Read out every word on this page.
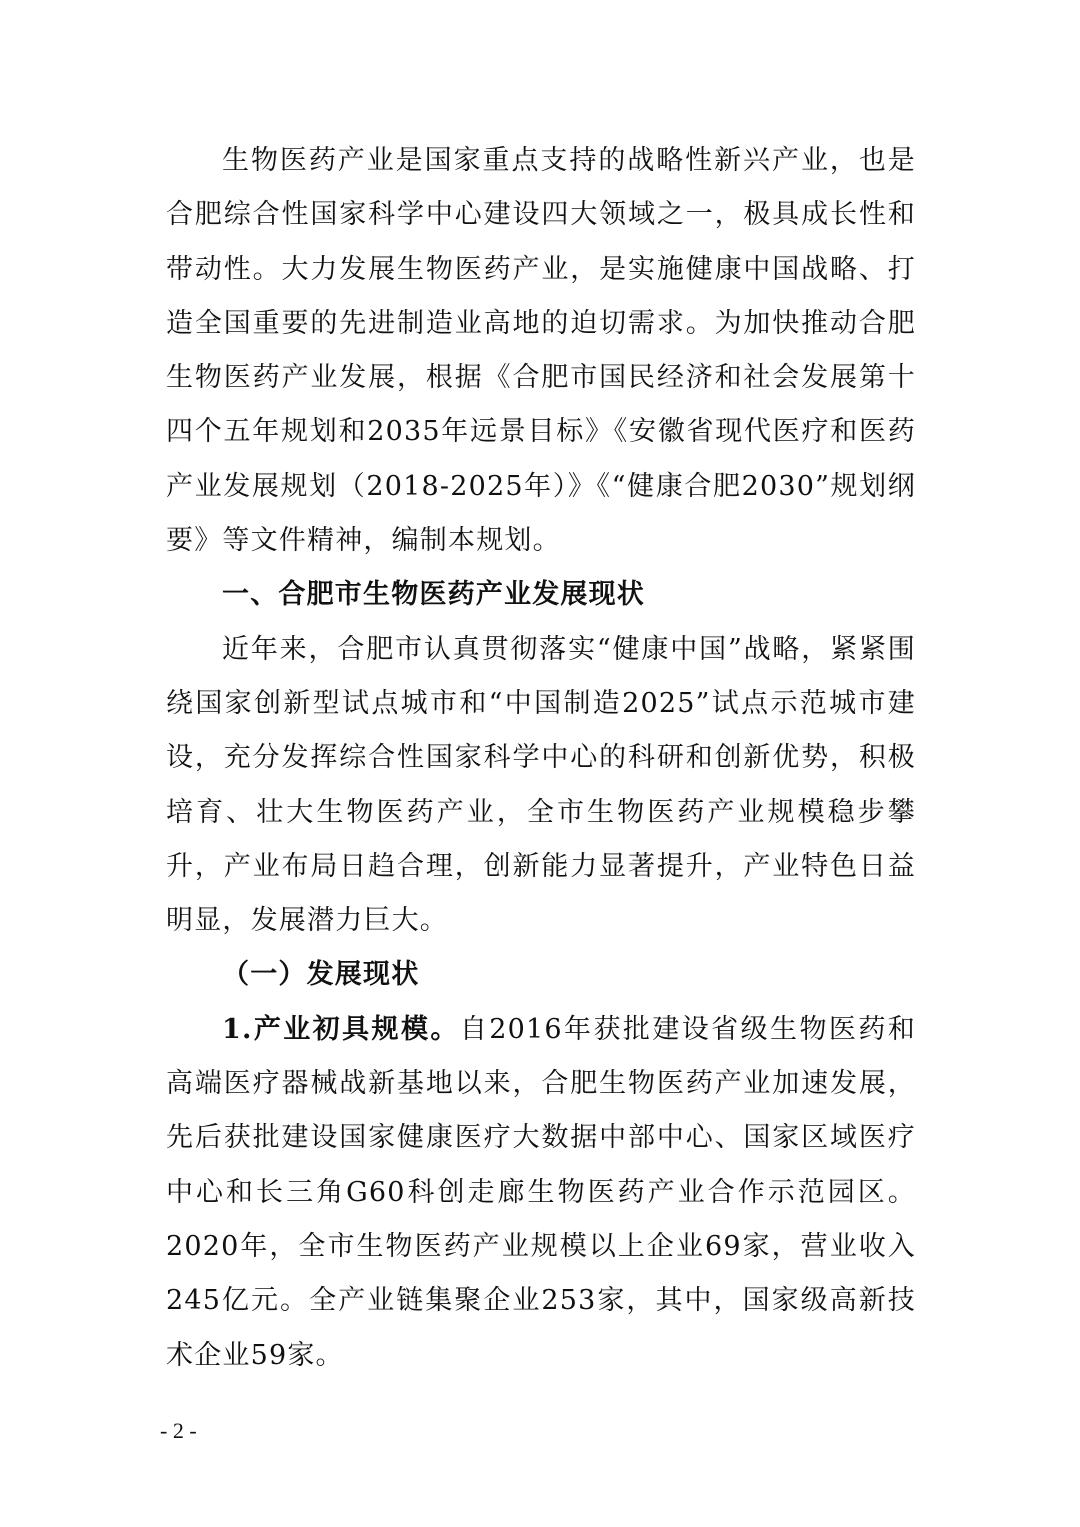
生物医药产业是国家重点支持的战略性新兴产业，也是合肥综合性国家科学中心建设四大领域之一，极具成长性和带动性。大力发展生物医药产业，是实施健康中国战略、打造全国重要的先进制造业高地的迫切需求。为加快推动合肥生物医药产业发展，根据《合肥市国民经济和社会发展第十四个五年规划和2035年远景目标》《安徽省现代医疗和医药产业发展规划（2018-2025年）》《“健康合肥2030”规划纲要》等文件精神，编制本规划。

一、合肥市生物医药产业发展现状

近年来，合肥市认真贯彻落实“健康中国”战略，紧紧围绕国家创新型试点城市和“中国制造2025”试点示范城市建设，充分发挥综合性国家科学中心的科研和创新优势，积极培育、壮大生物医药产业，全市生物医药产业规模稳步攀升，产业布局日趋合理，创新能力显著提升，产业特色日益明显，发展潜力巨大。

（一）发展现状

1.产业初具规模。自2016年获批建设省级生物医药和高端医疗器械战新基地以来，合肥生物医药产业加速发展，先后获批建设国家健康医疗大数据中部中心、国家区域医疗中心和长三角G60科创走廊生物医药产业合作示范园区。2020年，全市生物医药产业规模以上企业69家，营业收入245亿元。全产业链集聚企业253家，其中，国家级高新技术企业59家。

- 2 -
